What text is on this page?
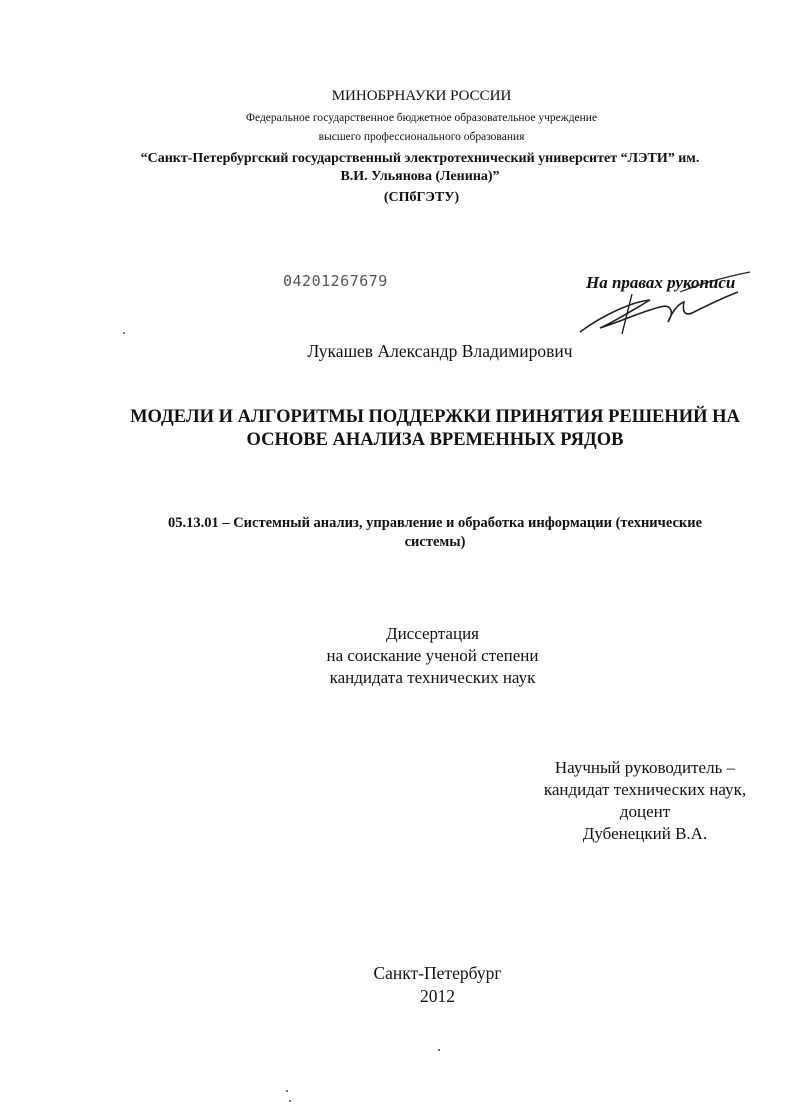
МИНОБРНАУКИ РОССИИ
Федеральное государственное бюджетное образовательное учреждение
высшего профессионального образования
“Санкт-Петербургский государственный электротехнический университет “ЛЭТИ” им.
В.И. Ульянова (Ленина)”
(СПбГЭТУ)
04201267679	На правах рукописи
Лукашев Александр Владимирович
МОДЕЛИ И АЛГОРИТМЫ ПОДДЕРЖКИ ПРИНЯТИЯ РЕШЕНИЙ НА
ОСНОВЕ АНАЛИЗА ВРЕМЕННЫХ РЯДОВ
05.13.01 – Системный анализ, управление и обработка информации (технические
системы)
Диссертация
на соискание ученой степени
кандидата технических наук
Научный руководитель –
кандидат технических наук,
доцент
Дубенецкий В.А.
Санкт-Петербург
2012
